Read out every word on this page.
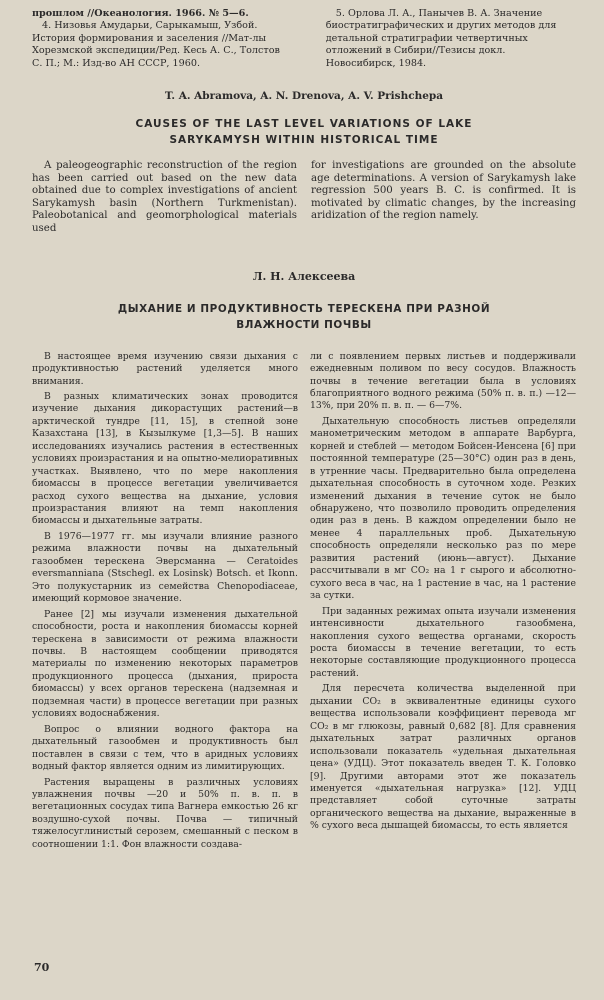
прошлом //Океанология. 1966. № 5—6.

4. Низовья Амударьи, Сарыкамыш, Узбой. История формирования и заселения //Мат-лы Хорезмской экспедиции/Ред. Кесь А. С., Толстов С. П.; М.: Изд-во АН СССР, 1960.

5. Орлова Л. А., Панычев В. А. Значение биостратиграфических и других методов для детальной стратиграфии четвертичных отложений в Сибири//Тезисы докл. Новосибирск, 1984.

T. A. Abramova, A. N. Drenova, A. V. Prishchepa
CAUSES OF THE LAST LEVEL VARIATIONS OF LAKE
SARYKAMYSH WITHIN HISTORICAL TIME

A paleogeographic reconstruction of the region has been carried out based on the new data obtained due to complex investigations of ancient Sarykamysh basin (Northern Turkmenistan). Paleobotanical and geomorphological materials used

for investigations are grounded on the absolute age determinations. A version of Sarykamysh lake regression 500 years B. C. is confirmed. It is motivated by climatic changes, by the increasing aridization of the region namely.

Л. Н. Алексеева
ДЫХАНИЕ И ПРОДУКТИВНОСТЬ ТЕРЕСКЕНА ПРИ РАЗНОЙ
ВЛАЖНОСТИ ПОЧВЫ

В настоящее время изучению связи дыхания с продуктивностью растений уделяется много внимания.

В разных климатических зонах проводится изучение дыхания дикорастущих растений—в арктической тундре [11, 15], в степной зоне Казахстана [13], в Кызылкуме [1,3—5]. В наших исследованиях изучались растения в естественных условиях произрастания и на опытно-мелиоративных участках. Выявлено, что по мере накопления биомассы в процессе вегетации увеличивается расход сухого вещества на дыхание, условия произрастания влияют на темп накопления биомассы и дыхательные затраты.

В 1976—1977 гг. мы изучали влияние разного режима влажности почвы на дыхательный газообмен терескена Эверсманна — Ceratoides eversmanniana (Stschegl. ex Losinsk) Botsch. et Ikonn. Это полукустарник из семейства Chenopodiaceae, имеющий кормовое значение.

Ранее [2] мы изучали изменения дыхательной способности, роста и накопления биомассы корней терескена в зависимости от режима влажности почвы. В настоящем сообщении приводятся материалы по изменению некоторых параметров продукционного процесса (дыхания, прироста биомассы) у всех органов терескена (надземная и подземная части) в процессе вегетации при разных условиях водоснабжения.

Вопрос о влиянии водного фактора на дыхательный газообмен и продуктивность был поставлен в связи с тем, что в аридных условиях водный фактор является одним из лимитирующих.

Растения выращены в различных условиях увлажнения почвы —20 и 50% п. в. п. в вегетационных сосудах типа Вагнера емкостью 26 кг воздушно-сухой почвы. Почва — типичный тяжелосуглинистый серозем, смешанный с песком в соотношении 1:1. Фон влажности создава-

ли с появлением первых листьев и поддерживали ежедневным поливом по весу сосудов. Влажность почвы в течение вегетации была в условиях благоприятного водного режима (50% п. в. п.) —12—13%, при 20% п. в. п. — 6—7%.

Дыхательную способность листьев определяли манометрическим методом в аппарате Варбурга, корней и стеблей — методом Бойсен-Иенсена [6] при постоянной температуре (25—30°C) один раз в день, в утренние часы. Предварительно была определена дыхательная способность в суточном ходе. Резких изменений дыхания в течение суток не было обнаружено, что позволило проводить определения один раз в день. В каждом определении было не менее 4 параллельных проб. Дыхательную способность определяли несколько раз по мере развития растений (июнь—август). Дыхание рассчитывали в мг CO₂ на 1 г сырого и абсолютно-сухого веса в час, на 1 растение в час, на 1 растение за сутки.

При заданных режимах опыта изучали изменения интенсивности дыхательного газообмена, накопления сухого вещества органами, скорость роста биомассы в течение вегетации, то есть некоторые составляющие продукционного процесса растений.

Для пересчета количества выделенной при дыхании CO₂ в эквивалентные единицы сухого вещества использовали коэффициент перевода мг CO₂ в мг глюкозы, равный 0,682 [8]. Для сравнения дыхательных затрат различных органов использовали показатель «удельная дыхательная цена» (УДЦ). Этот показатель введен Т. К. Головко [9]. Другими авторами этот же показатель именуется «дыхательная нагрузка» [12]. УДЦ представляет собой суточные затраты органического вещества на дыхание, выраженные в % сухого веса дышащей биомассы, то есть является

70
